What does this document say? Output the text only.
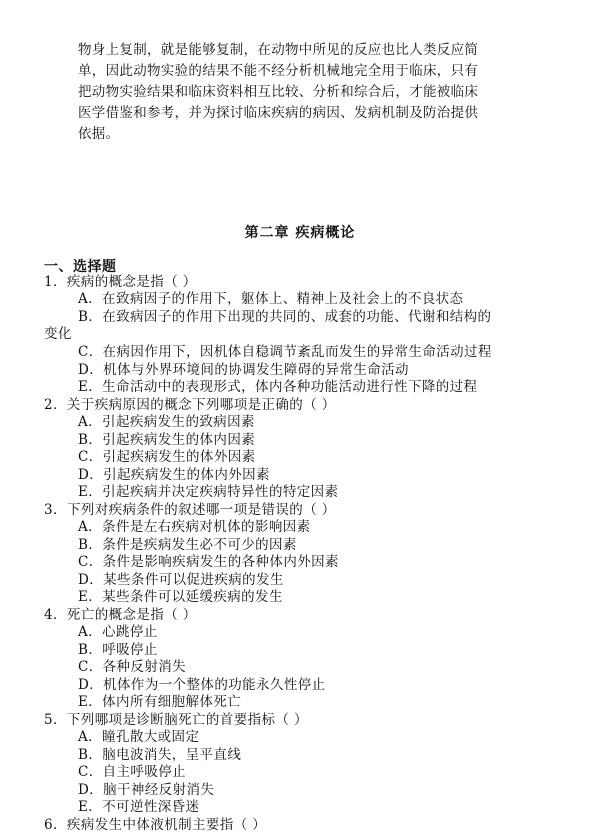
物身上复制，就是能够复制，在动物中所见的反应也比人类反应简

单，因此动物实验的结果不能不经分析机械地完全用于临床，只有

把动物实验结果和临床资料相互比较、分析和综合后，才能被临床

医学借鉴和参考，并为探讨临床疾病的病因、发病机制及防治提供

依据。

第二章 疾病概论
一、选择题
1．疾病的概念是指（ ）
A．在致病因子的作用下，躯体上、精神上及社会上的不良状态
B．在致病因子的作用下出现的共同的、成套的功能、代谢和结构的
变化
C．在病因作用下，因机体自稳调节紊乱而发生的异常生命活动过程
D．机体与外界环境间的协调发生障碍的异常生命活动
E．生命活动中的表现形式，体内各种功能活动进行性下降的过程
2．关于疾病原因的概念下列哪项是正确的（ ）
A．引起疾病发生的致病因素
B．引起疾病发生的体内因素
C．引起疾病发生的体外因素
D．引起疾病发生的体内外因素
E．引起疾病并决定疾病特异性的特定因素
3．下列对疾病条件的叙述哪一项是错误的（ ）
A．条件是左右疾病对机体的影响因素
B．条件是疾病发生必不可少的因素
C．条件是影响疾病发生的各种体内外因素
D．某些条件可以促进疾病的发生
E．某些条件可以延缓疾病的发生
4．死亡的概念是指（ ）
A．心跳停止
B．呼吸停止
C．各种反射消失
D．机体作为一个整体的功能永久性停止
E．体内所有细胞解体死亡
5．下列哪项是诊断脑死亡的首要指标（ ）
A．瞳孔散大或固定
B．脑电波消失，呈平直线
C．自主呼吸停止
D．脑干神经反射消失
E．不可逆性深昏迷
6．疾病发生中体液机制主要指（ ）
